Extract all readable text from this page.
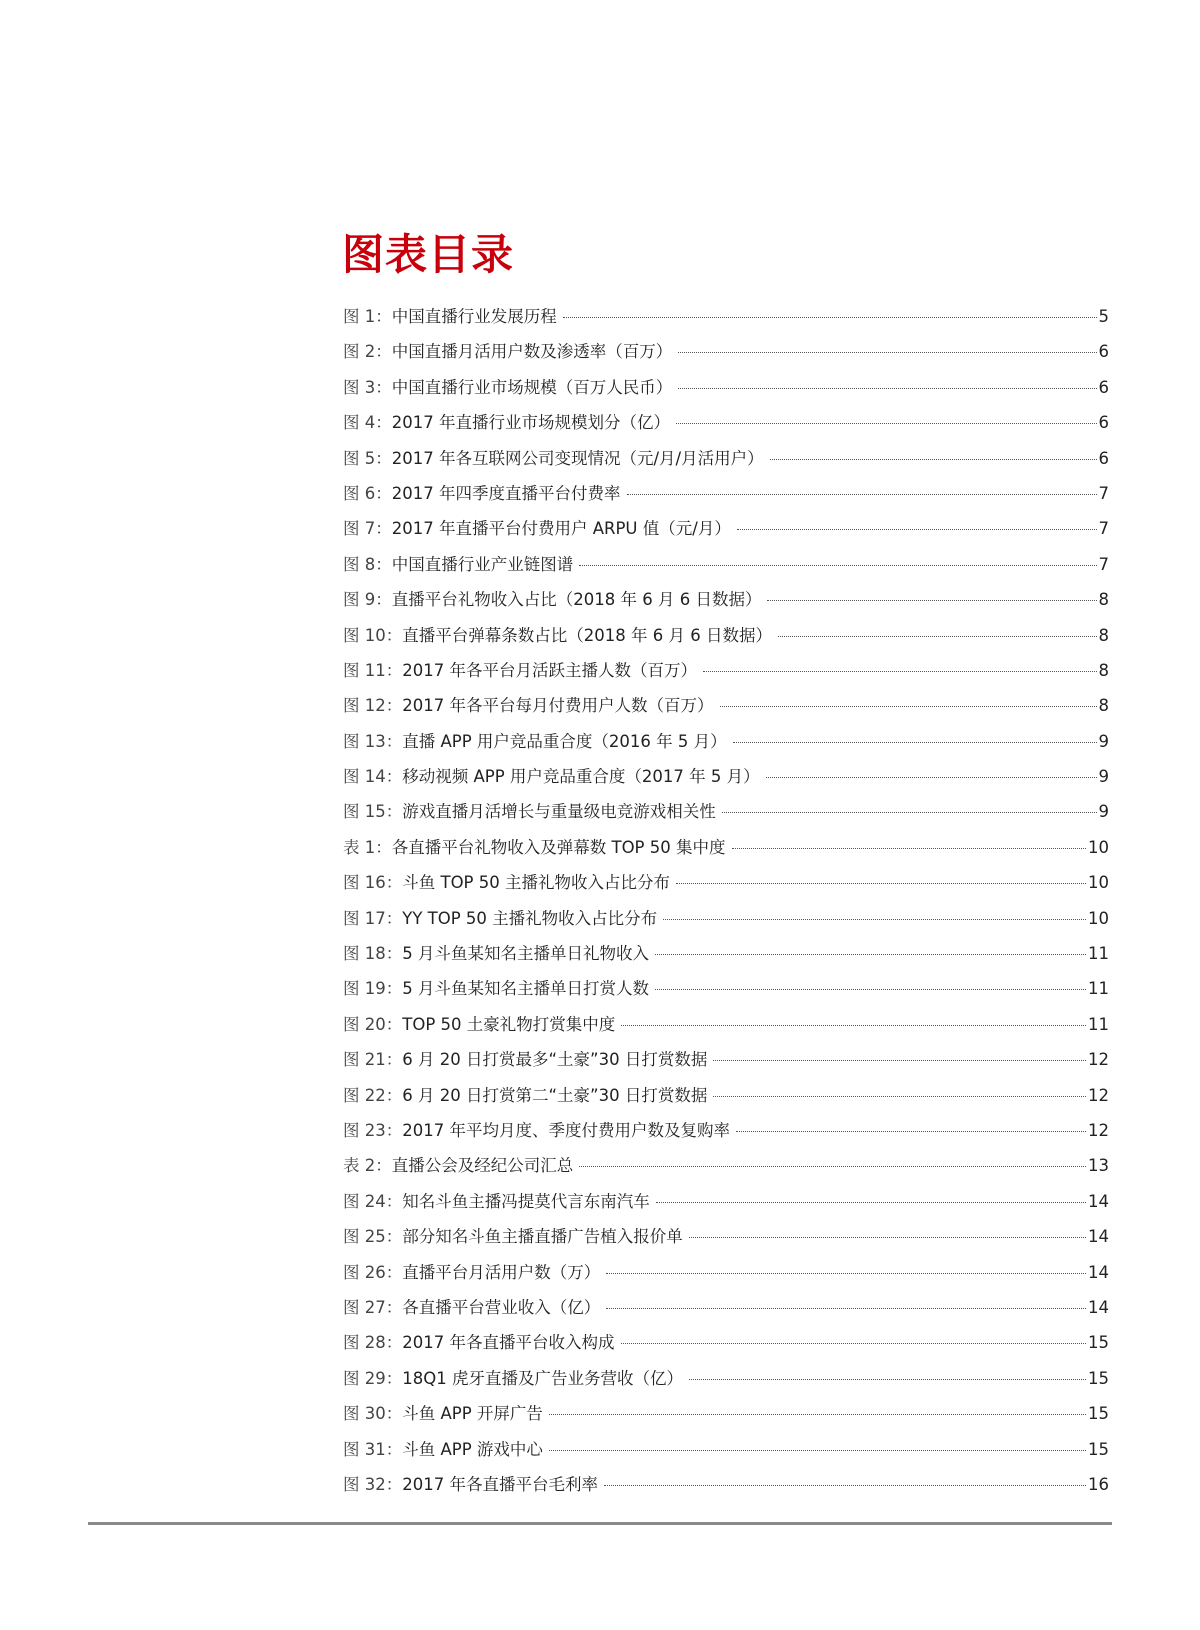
图表目录
图 1：中国直播行业发展历程	5
图 2：中国直播月活用户数及渗透率（百万）	6
图 3：中国直播行业市场规模（百万人民币）	6
图 4：2017 年直播行业市场规模划分（亿）	6
图 5：2017 年各互联网公司变现情况（元/月/月活用户）	6
图 6：2017 年四季度直播平台付费率	7
图 7：2017 年直播平台付费用户 ARPU 值（元/月）	7
图 8：中国直播行业产业链图谱	7
图 9：直播平台礼物收入占比（2018 年 6 月 6 日数据）	8
图 10：直播平台弹幕条数占比（2018 年 6 月 6 日数据）	8
图 11：2017 年各平台月活跃主播人数（百万）	8
图 12：2017 年各平台每月付费用户人数（百万）	8
图 13：直播 APP 用户竞品重合度（2016 年 5 月）	9
图 14：移动视频 APP 用户竞品重合度（2017 年 5 月）	9
图 15：游戏直播月活增长与重量级电竞游戏相关性	9
表 1：各直播平台礼物收入及弹幕数 TOP 50 集中度	10
图 16：斗鱼 TOP 50 主播礼物收入占比分布	10
图 17：YY TOP 50 主播礼物收入占比分布	10
图 18：5 月斗鱼某知名主播单日礼物收入	11
图 19：5 月斗鱼某知名主播单日打赏人数	11
图 20：TOP 50 土豪礼物打赏集中度	11
图 21：6 月 20 日打赏最多“土豪”30 日打赏数据	12
图 22：6 月 20 日打赏第二“土豪”30 日打赏数据	12
图 23：2017 年平均月度、季度付费用户数及复购率	12
表 2：直播公会及经纪公司汇总	13
图 24：知名斗鱼主播冯提莫代言东南汽车	14
图 25：部分知名斗鱼主播直播广告植入报价单	14
图 26：直播平台月活用户数（万）	14
图 27：各直播平台营业收入（亿）	14
图 28：2017 年各直播平台收入构成	15
图 29：18Q1 虎牙直播及广告业务营收（亿）	15
图 30：斗鱼 APP 开屏广告	15
图 31：斗鱼 APP 游戏中心	15
图 32：2017 年各直播平台毛利率	16
